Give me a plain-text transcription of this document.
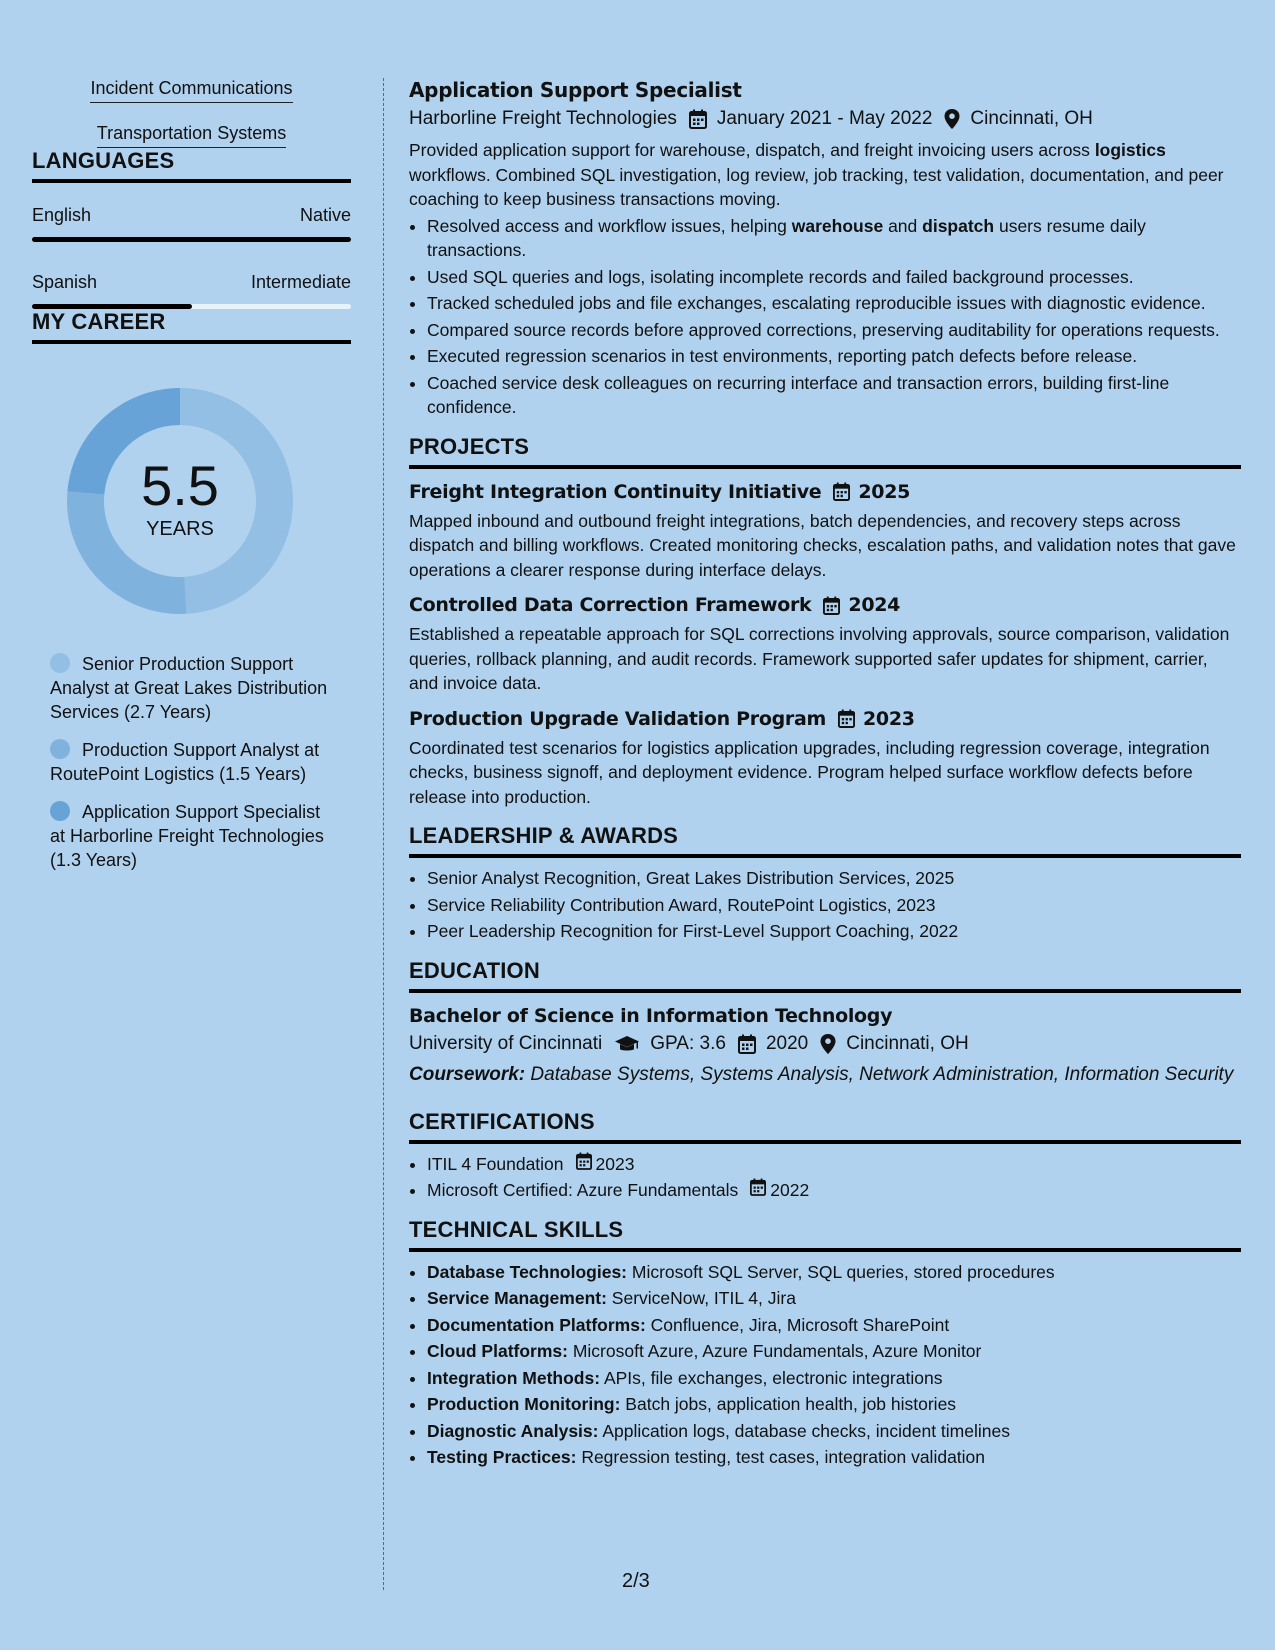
Incident Communications
Transportation Systems
LANGUAGES
English	Native
Spanish	Intermediate
MY CAREER
5.5
YEARS
Senior Production Support Analyst at Great Lakes Distribution Services (2.7 Years)
Production Support Analyst at RoutePoint Logistics (1.5 Years)
Application Support Specialist at Harborline Freight Technologies (1.3 Years)
Application Support Specialist
Harborline Freight Technologies January 2021 - May 2022 Cincinnati, OH

Provided application support for warehouse, dispatch, and freight invoicing users across logistics workflows. Combined SQL investigation, log review, job tracking, test validation, documentation, and peer coaching to keep business transactions moving.

• Resolved access and workflow issues, helping warehouse and dispatch users resume daily transactions.
• Used SQL queries and logs, isolating incomplete records and failed background processes.
• Tracked scheduled jobs and file exchanges, escalating reproducible issues with diagnostic evidence.
• Compared source records before approved corrections, preserving auditability for operations requests.
• Executed regression scenarios in test environments, reporting patch defects before release.
• Coached service desk colleagues on recurring interface and transaction errors, building first-line confidence.
PROJECTS
Freight Integration Continuity Initiative 2025

Mapped inbound and outbound freight integrations, batch dependencies, and recovery steps across dispatch and billing workflows. Created monitoring checks, escalation paths, and validation notes that gave operations a clearer response during interface delays.

Controlled Data Correction Framework 2024

Established a repeatable approach for SQL corrections involving approvals, source comparison, validation queries, rollback planning, and audit records. Framework supported safer updates for shipment, carrier, and invoice data.

Production Upgrade Validation Program 2023

Coordinated test scenarios for logistics application upgrades, including regression coverage, integration checks, business signoff, and deployment evidence. Program helped surface workflow defects before release into production.

LEADERSHIP & AWARDS
• Senior Analyst Recognition, Great Lakes Distribution Services, 2025
• Service Reliability Contribution Award, RoutePoint Logistics, 2023
• Peer Leadership Recognition for First-Level Support Coaching, 2022
EDUCATION
Bachelor of Science in Information Technology
University of Cincinnati	GPA: 3.6 2020 Cincinnati, OH
Coursework: Database Systems, Systems Analysis, Network Administration, Information Security
CERTIFICATIONS
• ITIL 4 Foundation 2023
• Microsoft Certified: Azure Fundamentals 2022
TECHNICAL SKILLS
• Database Technologies: Microsoft SQL Server, SQL queries, stored procedures
• Service Management: ServiceNow, ITIL 4, Jira
• Documentation Platforms: Confluence, Jira, Microsoft SharePoint
• Cloud Platforms: Microsoft Azure, Azure Fundamentals, Azure Monitor
• Integration Methods: APIs, file exchanges, electronic integrations
• Production Monitoring: Batch jobs, application health, job histories
• Diagnostic Analysis: Application logs, database checks, incident timelines
• Testing Practices: Regression testing, test cases, integration validation
2/3
